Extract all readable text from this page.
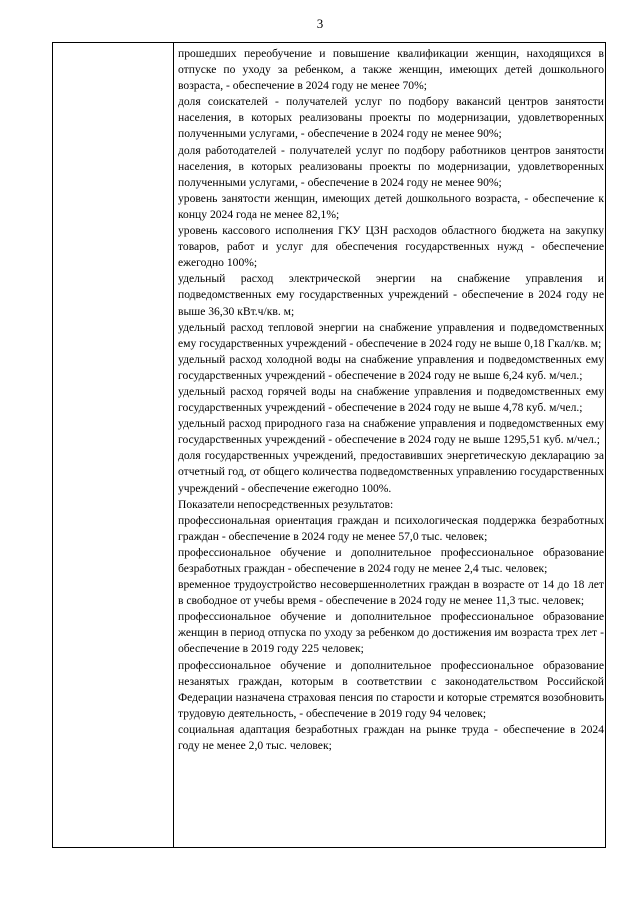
3

прошедших переобучение и повышение квалификации женщин, находящихся в отпуске по уходу за ребенком, а также женщин, имеющих детей дошкольного возраста, - обеспечение в 2024 году не менее 70%;

доля соискателей - получателей услуг по подбору вакансий центров занятости населения, в которых реализованы проекты по модернизации, удовлетворенных полученными услугами, - обеспечение в 2024 году не менее 90%;

доля работодателей - получателей услуг по подбору работников центров занятости населения, в которых реализованы проекты по модернизации, удовлетворенных полученными услугами, - обеспечение в 2024 году не менее 90%;

уровень занятости женщин, имеющих детей дошкольного возраста, - обеспечение к концу 2024 года не менее 82,1%;

уровень кассового исполнения ГКУ ЦЗН расходов областного бюджета на закупку товаров, работ и услуг для обеспечения государственных нужд - обеспечение ежегодно 100%;

удельный расход электрической энергии на снабжение управления и подведомственных ему государственных учреждений - обеспечение в 2024 году не выше 36,30 кВт.ч/кв. м;

удельный расход тепловой энергии на снабжение управления и подведомственных ему государственных учреждений - обеспечение в 2024 году не выше 0,18 Гкал/кв. м;

удельный расход холодной воды на снабжение управления и подведомственных ему государственных учреждений - обеспечение в 2024 году не выше 6,24 куб. м/чел.;

удельный расход горячей воды на снабжение управления и подведомственных ему государственных учреждений - обеспечение в 2024 году не выше 4,78 куб. м/чел.;

удельный расход природного газа на снабжение управления и подведомственных ему государственных учреждений - обеспечение в 2024 году не выше 1295,51 куб. м/чел.;

доля государственных учреждений, предоставивших энергетическую декларацию за отчетный год, от общего количества подведомственных управлению государственных учреждений - обеспечение ежегодно 100%.

Показатели непосредственных результатов:

профессиональная ориентация граждан и психологическая поддержка безработных граждан - обеспечение в 2024 году не менее 57,0 тыс. человек;

профессиональное обучение и дополнительное профессиональное образование безработных граждан - обеспечение в 2024 году не менее 2,4 тыс. человек;

временное трудоустройство несовершеннолетних граждан в возрасте от 14 до 18 лет в свободное от учебы время - обеспечение в 2024 году не менее 11,3 тыс. человек;

профессиональное обучение и дополнительное профессиональное образование женщин в период отпуска по уходу за ребенком до достижения им возраста трех лет - обеспечение в 2019 году 225 человек;

профессиональное обучение и дополнительное профессиональное образование незанятых граждан, которым в соответствии с законодательством Российской Федерации назначена страховая пенсия по старости и которые стремятся возобновить трудовую деятельность, - обеспечение в 2019 году 94 человек;

социальная адаптация безработных граждан на рынке труда - обеспечение в 2024 году не менее 2,0 тыс. человек;
